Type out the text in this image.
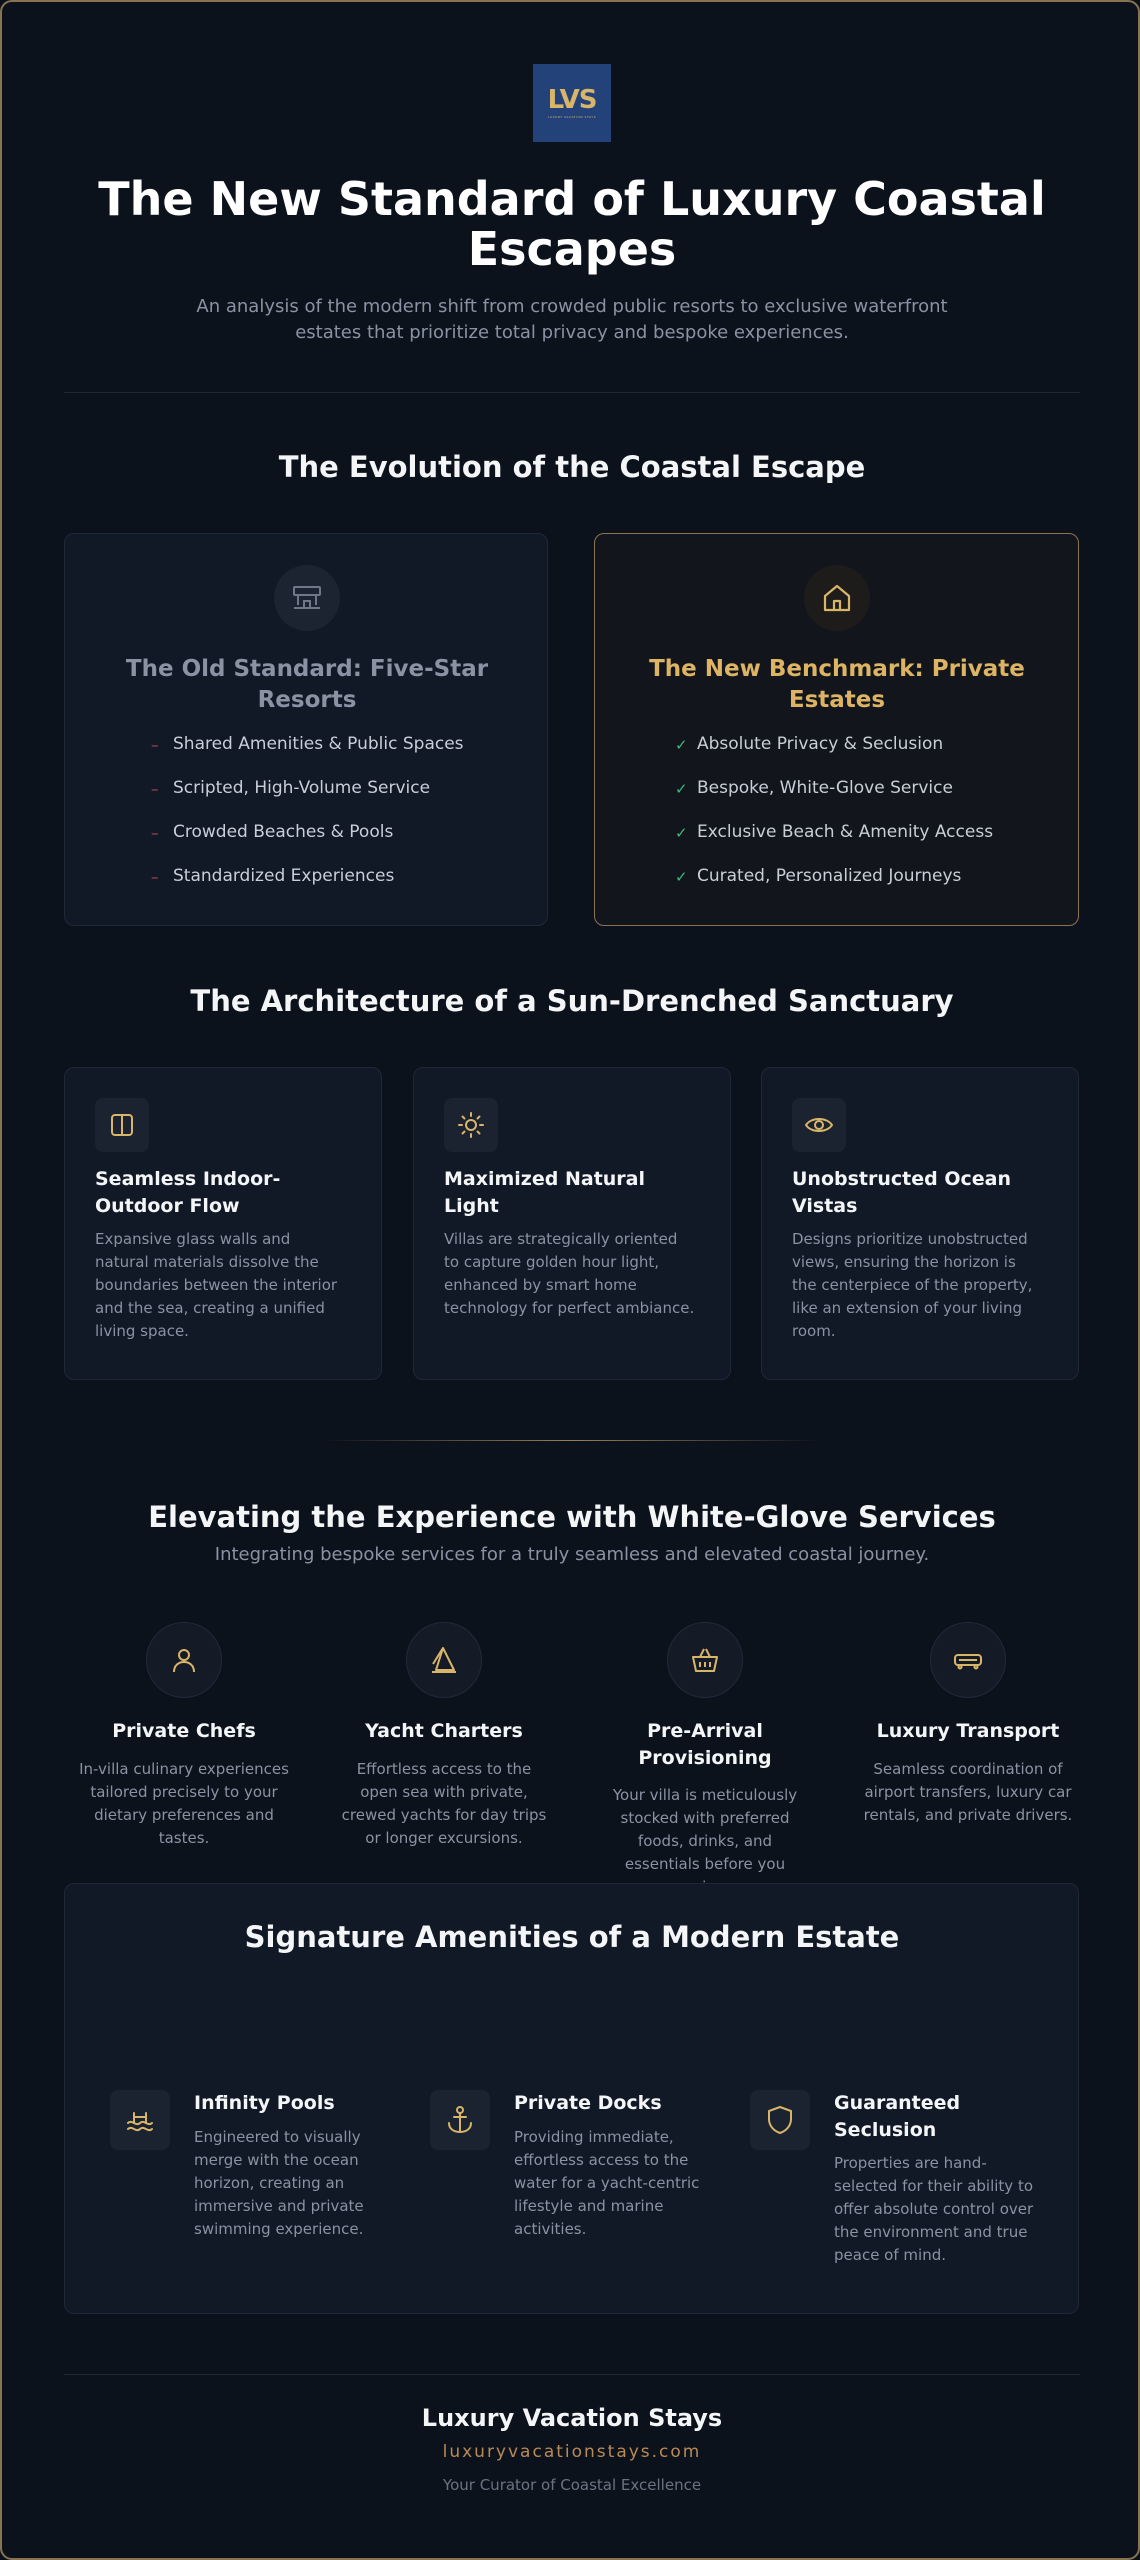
LVS
LUXURY VACATION STAYS
The New Standard of Luxury Coastal Escapes

An analysis of the modern shift from crowded public resorts to exclusive waterfront estates that prioritize total privacy and bespoke experiences.

The Evolution of the Coastal Escape
The Old Standard: Five-Star Resorts
– Shared Amenities & Public Spaces
– Scripted, High-Volume Service
– Crowded Beaches & Pools
– Standardized Experiences
The New Benchmark: Private Estates
✓ Absolute Privacy & Seclusion
✓ Bespoke, White-Glove Service
✓ Exclusive Beach & Amenity Access
✓ Curated, Personalized Journeys
The Architecture of a Sun-Drenched Sanctuary
Seamless Indoor-Outdoor Flow
Expansive glass walls and natural materials dissolve the boundaries between the interior and the sea, creating a unified living space.
Maximized Natural Light
Villas are strategically oriented to capture golden hour light, enhanced by smart home technology for perfect ambiance.
Unobstructed Ocean Vistas
Designs prioritize unobstructed views, ensuring the horizon is the centerpiece of the property, like an extension of your living room.
Elevating the Experience with White-Glove Services
Integrating bespoke services for a truly seamless and elevated coastal journey.
Private Chefs
In-villa culinary experiences tailored precisely to your dietary preferences and tastes.
Yacht Charters
Effortless access to the open sea with private, crewed yachts for day trips or longer excursions.
Pre-Arrival Provisioning
Your villa is meticulously stocked with preferred foods, drinks, and essentials before you
Luxury Transport
Seamless coordination of airport transfers, luxury car rentals, and private drivers.
Signature Amenities of a Modern Estate
Infinity Pools
Engineered to visually merge with the ocean horizon, creating an immersive and private swimming experience.
Private Docks
Providing immediate, effortless access to the water for a yacht-centric lifestyle and marine activities.
Guaranteed Seclusion
Properties are hand-selected for their ability to offer absolute control over the environment and true peace of mind.
Luxury Vacation Stays
luxuryvacationstays.com
Your Curator of Coastal Excellence
